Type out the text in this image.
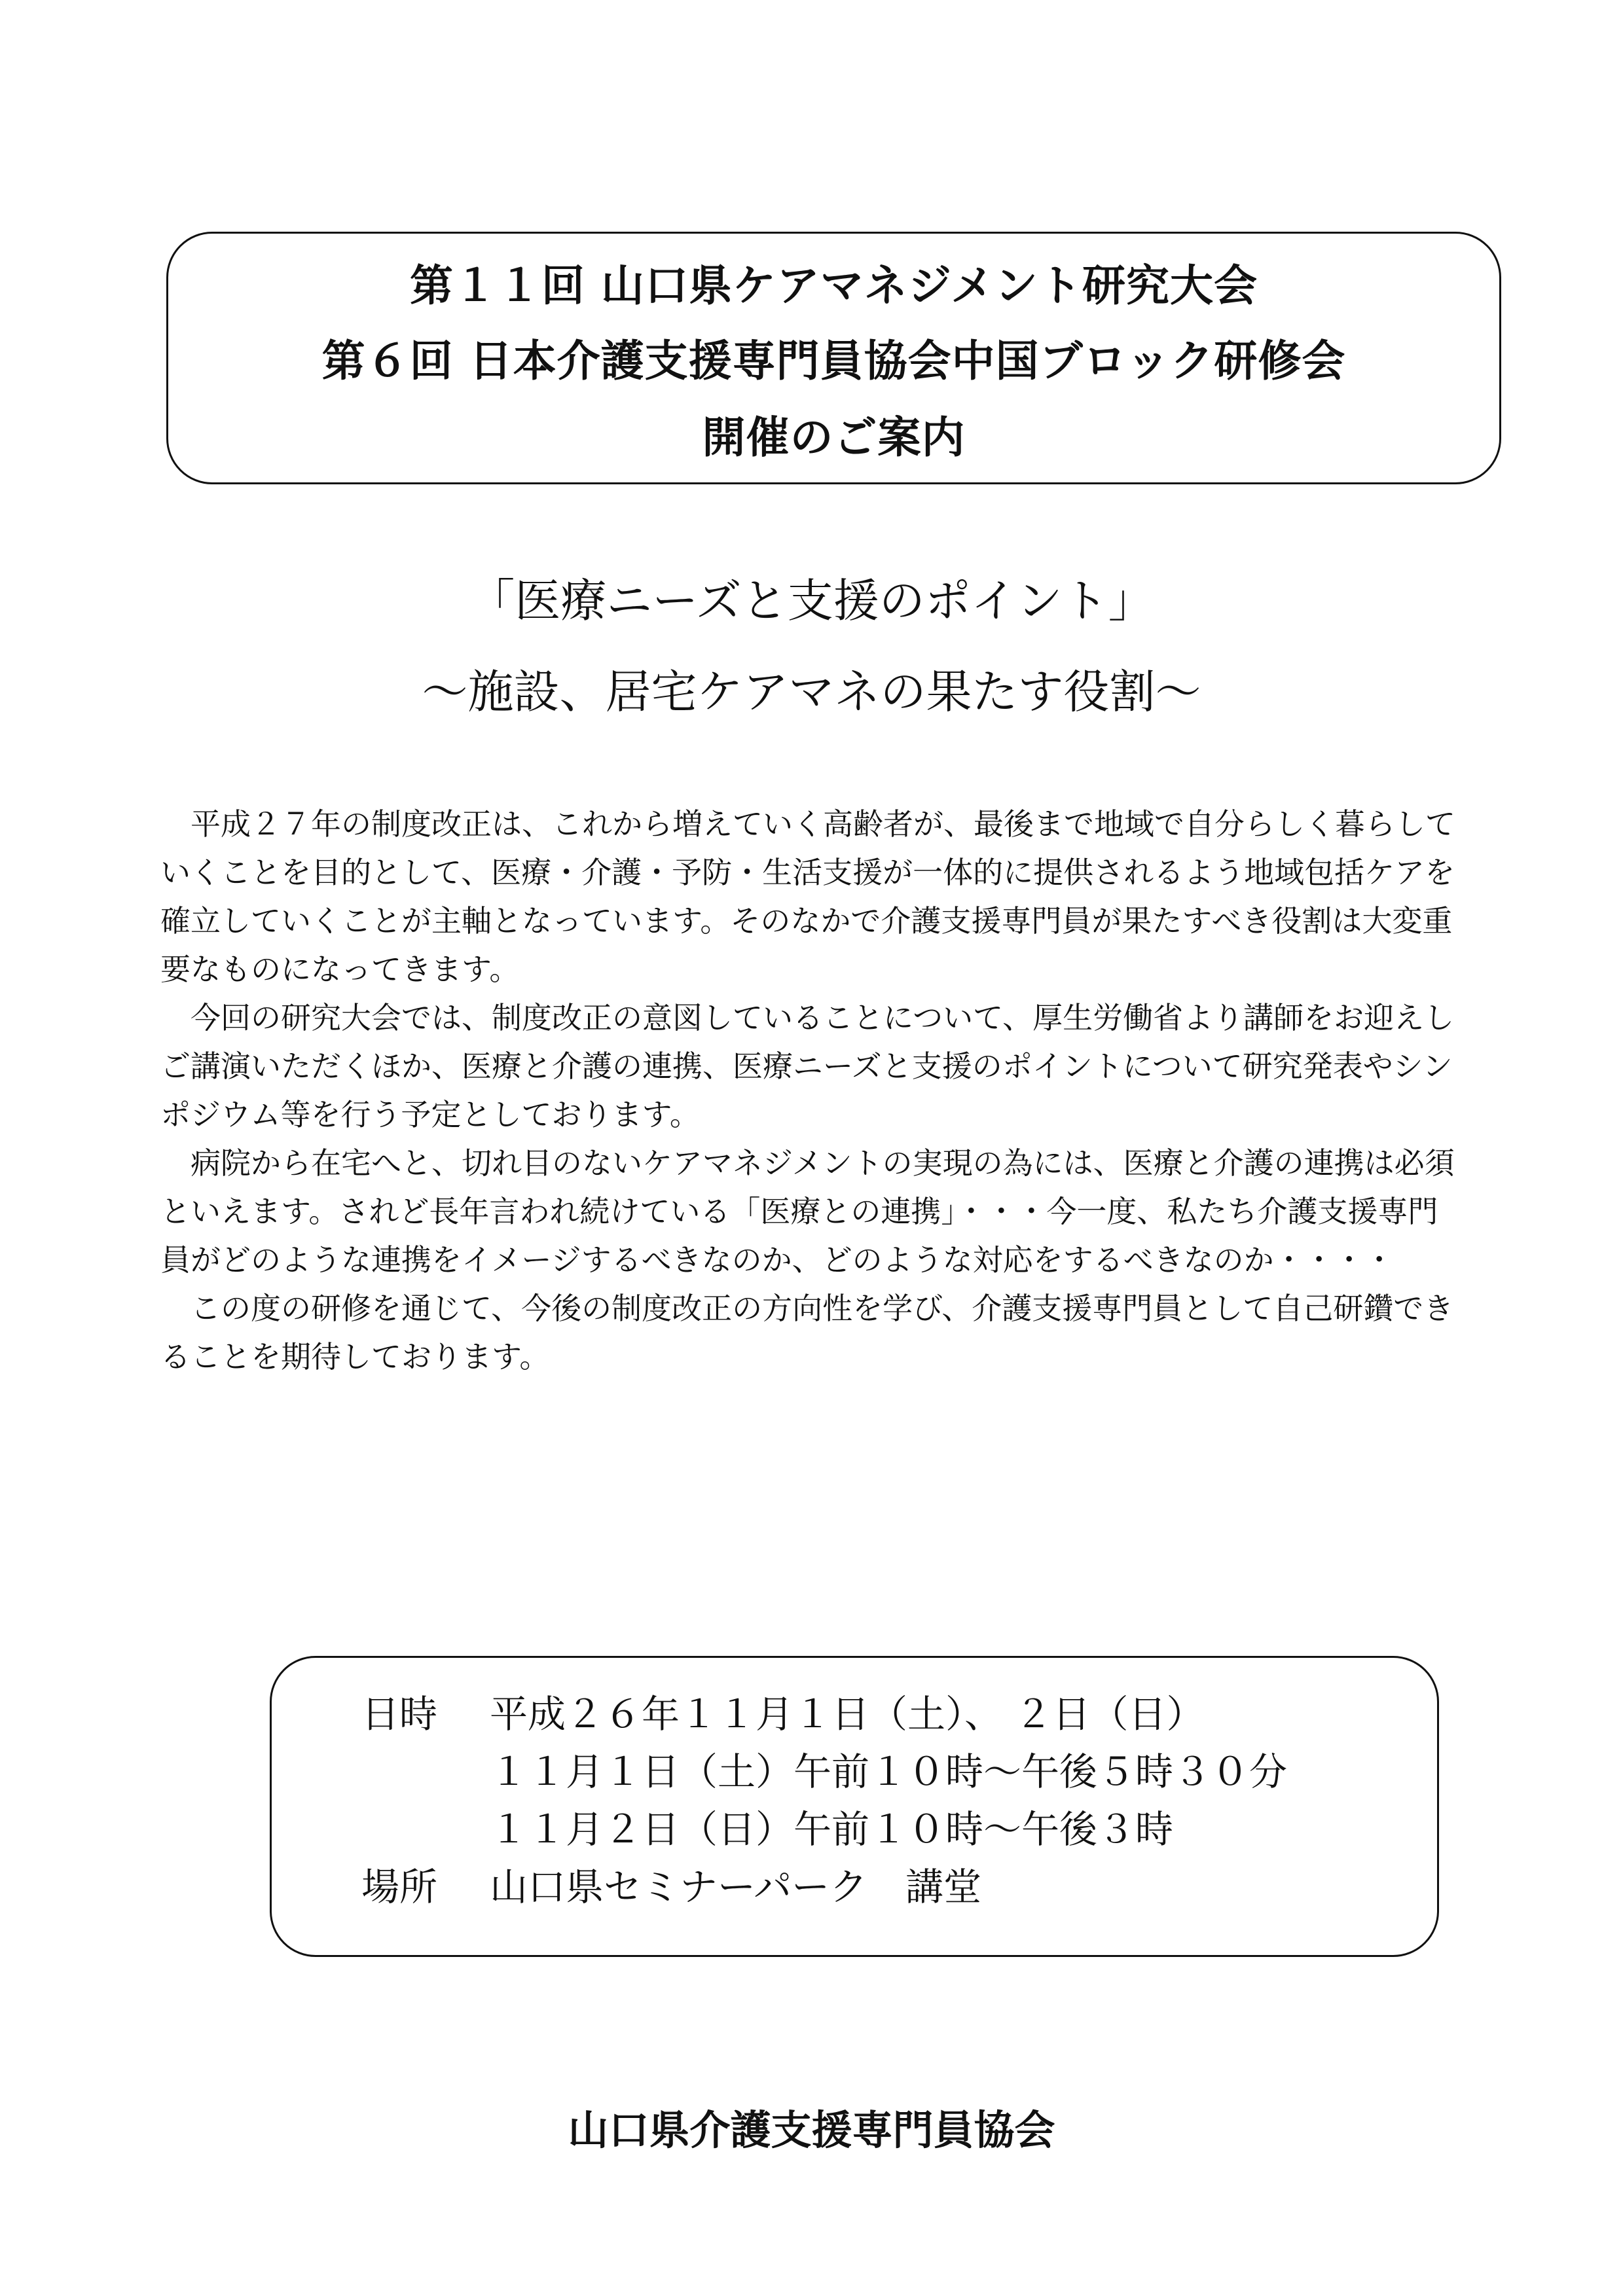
第１１回 山口県ケアマネジメント研究大会
第６回 日本介護支援専門員協会中国ブロック研修会
開催のご案内
「医療ニーズと支援のポイント」
～施設、居宅ケアマネの果たす役割～

平成２７年の制度改正は、これから増えていく高齢者が、最後まで地域で自分らしく暮らしていくことを目的として、医療・介護・予防・生活支援が一体的に提供されるよう地域包括ケアを確立していくことが主軸となっています。そのなかで介護支援専門員が果たすべき役割は大変重要なものになってきます。

今回の研究大会では、制度改正の意図していることについて、厚生労働省より講師をお迎えしご講演いただくほか、医療と介護の連携、医療ニーズと支援のポイントについて研究発表やシンポジウム等を行う予定としております。

病院から在宅へと、切れ目のないケアマネジメントの実現の為には、医療と介護の連携は必須といえます。されど長年言われ続けている「医療との連携」・・・今一度、私たち介護支援専門員がどのような連携をイメージするべきなのか、どのような対応をするべきなのか・・・・

この度の研修を通じて、今後の制度改正の方向性を学び、介護支援専門員として自己研鑽できることを期待しております。

日時 平成２６年１１月１日（土）、 ２日（日）
１１月１日（土）午前１０時～午後５時３０分
１１月２日（日）午前１０時～午後３時
場所 山口県セミナーパーク　講堂
山口県介護支援専門員協会
